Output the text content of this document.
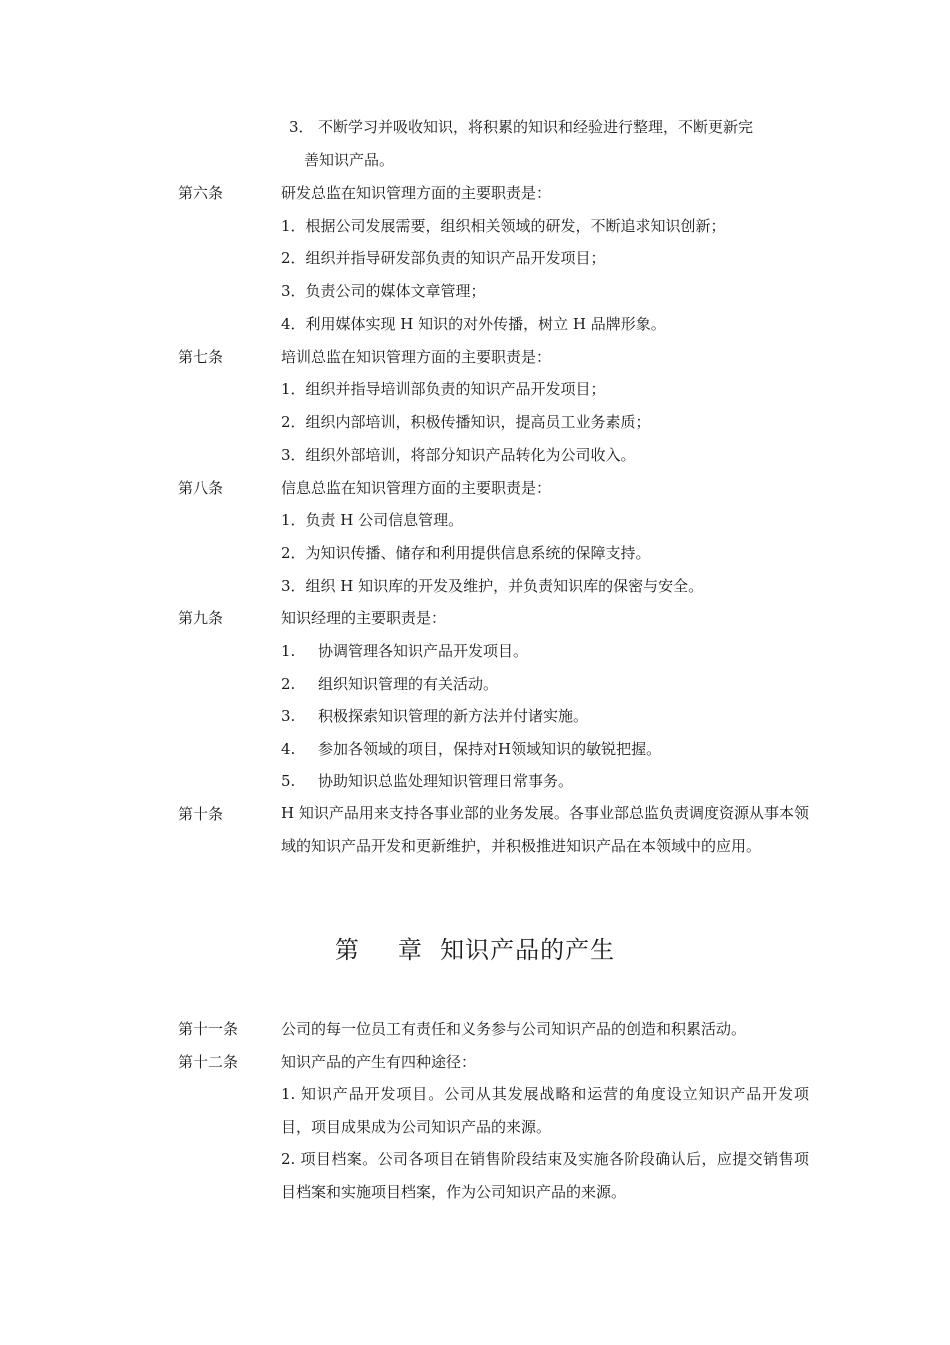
3． 不断学习并吸收知识，将积累的知识和经验进行整理，不断更新完
善知识产品。
第六条	研发总监在知识管理方面的主要职责是：
1．根据公司发展需要，组织相关领域的研发，不断追求知识创新；
2．组织并指导研发部负责的知识产品开发项目；
3．负责公司的媒体文章管理；
4．利用媒体实现 H 知识的对外传播，树立 H 品牌形象。
第七条	培训总监在知识管理方面的主要职责是：
1．组织并指导培训部负责的知识产品开发项目；
2．组织内部培训，积极传播知识，提高员工业务素质；
3．组织外部培训，将部分知识产品转化为公司收入。
第八条	信息总监在知识管理方面的主要职责是：
1．负责 H 公司信息管理。
2．为知识传播、储存和利用提供信息系统的保障支持。
3．组织 H 知识库的开发及维护，并负责知识库的保密与安全。
第九条	知识经理的主要职责是：
1. 协调管理各知识产品开发项目。
2. 组织知识管理的有关活动。
3. 积极探索知识管理的新方法并付诸实施。
4. 参加各领域的项目，保持对H领域知识的敏锐把握。
5. 协助知识总监处理知识管理日常事务。
第十条	H 知识产品用来支持各事业部的业务发展。各事业部总监负责调度资源从事本领域的知识产品开发和更新维护，并积极推进知识产品在本领域中的应用。
第 章 知识产品的产生
第十一条	公司的每一位员工有责任和义务参与公司知识产品的创造和积累活动。
第十二条	知识产品的产生有四种途径：
1. 知识产品开发项目。公司从其发展战略和运营的角度设立知识产品开发项目，项目成果成为公司知识产品的来源。
2. 项目档案。公司各项目在销售阶段结束及实施各阶段确认后，应提交销售项目档案和实施项目档案，作为公司知识产品的来源。
